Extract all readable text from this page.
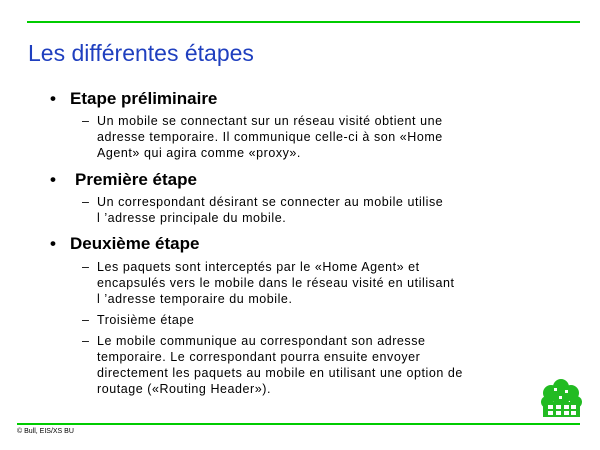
Les différentes étapes
• Etape préliminaire
– Un mobile se connectant sur un réseau visité obtient une
adresse temporaire. Il communique celle-ci à son «Home
Agent» qui agira comme «proxy».
• Première étape
– Un correspondant désirant se connecter au mobile utilise
l ’adresse principale du mobile.
• Deuxième étape
– Les paquets sont interceptés par le «Home Agent» et
encapsulés vers le mobile dans le réseau visité en utilisant
l ’adresse temporaire du mobile.
– Troisième étape
– Le mobile communique au correspondant son adresse
temporaire. Le correspondant pourra ensuite envoyer
directement les paquets au mobile en utilisant une option de
routage («Routing Header»).
© Bull, EIS/XS BU
